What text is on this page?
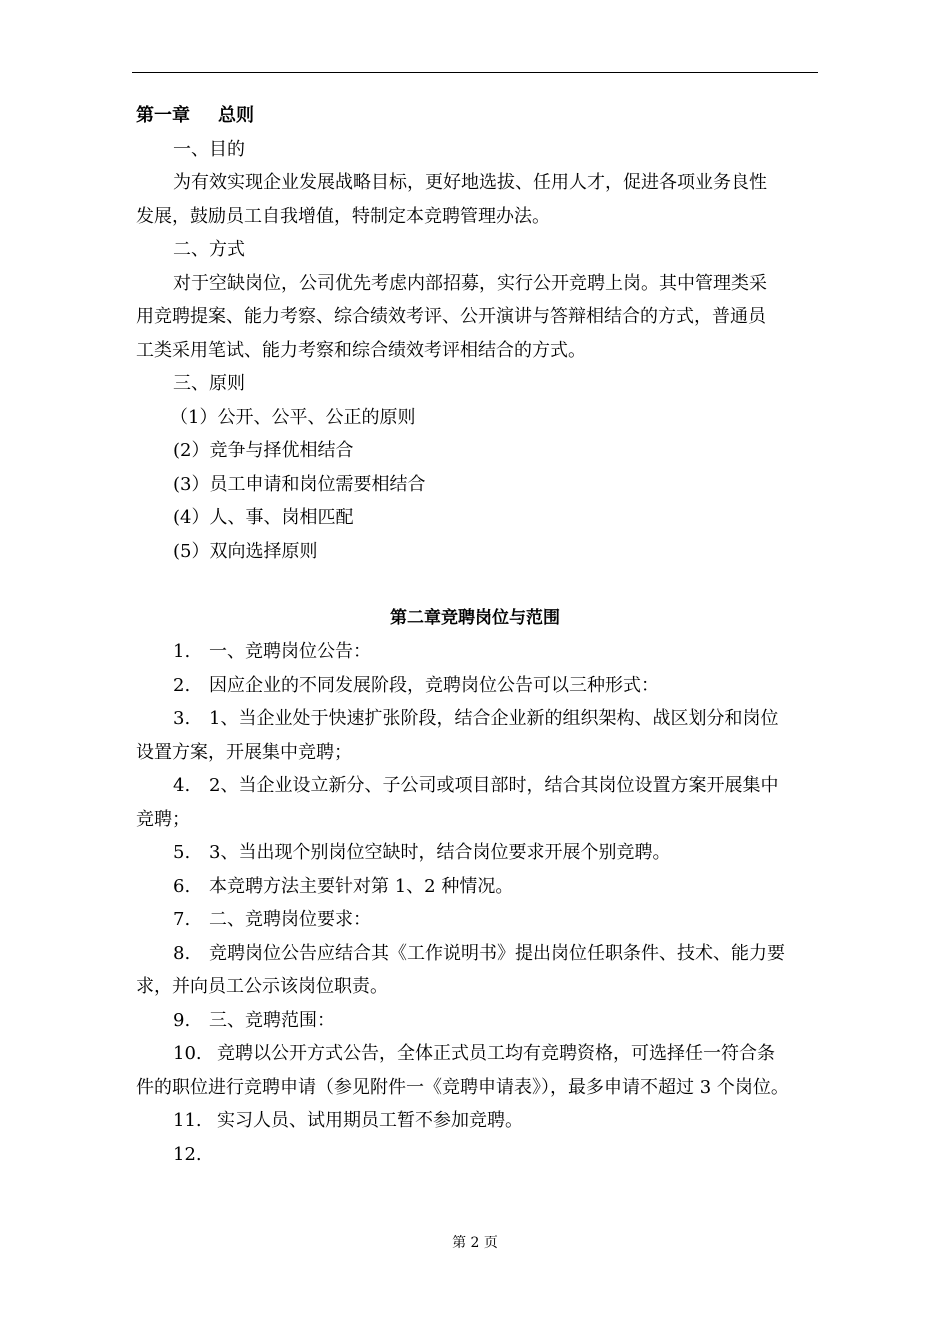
第一章 总则
一、目的
为有效实现企业发展战略目标，更好地选拔、任用人才，促进各项业务良性
发展，鼓励员工自我增值，特制定本竞聘管理办法。
二、方式
对于空缺岗位，公司优先考虑内部招募，实行公开竞聘上岗。其中管理类采
用竞聘提案、能力考察、综合绩效考评、公开演讲与答辩相结合的方式，普通员
工类采用笔试、能力考察和综合绩效考评相结合的方式。
三、原则
（1）公开、公平、公正的原则
(2）竞争与择优相结合
(3）员工申请和岗位需要相结合
(4）人、事、岗相匹配
(5）双向选择原则
第二章竞聘岗位与范围
1. 一、竞聘岗位公告：
2. 因应企业的不同发展阶段，竞聘岗位公告可以三种形式：
3. 1、当企业处于快速扩张阶段，结合企业新的组织架构、战区划分和岗位
设置方案，开展集中竞聘；
4. 2、当企业设立新分、子公司或项目部时，结合其岗位设置方案开展集中
竞聘；
5. 3、当出现个别岗位空缺时，结合岗位要求开展个别竞聘。
6. 本竞聘方法主要针对第 1、2 种情况。
7. 二、竞聘岗位要求：
8. 竞聘岗位公告应结合其《工作说明书》提出岗位任职条件、技术、能力要
求，并向员工公示该岗位职责。
9. 三、竞聘范围：
10. 竞聘以公开方式公告，全体正式员工均有竞聘资格，可选择任一符合条
件的职位进行竞聘申请（参见附件一《竞聘申请表》），最多申请不超过 3 个岗位。
11. 实习人员、试用期员工暂不参加竞聘。
12.
第 2 页
